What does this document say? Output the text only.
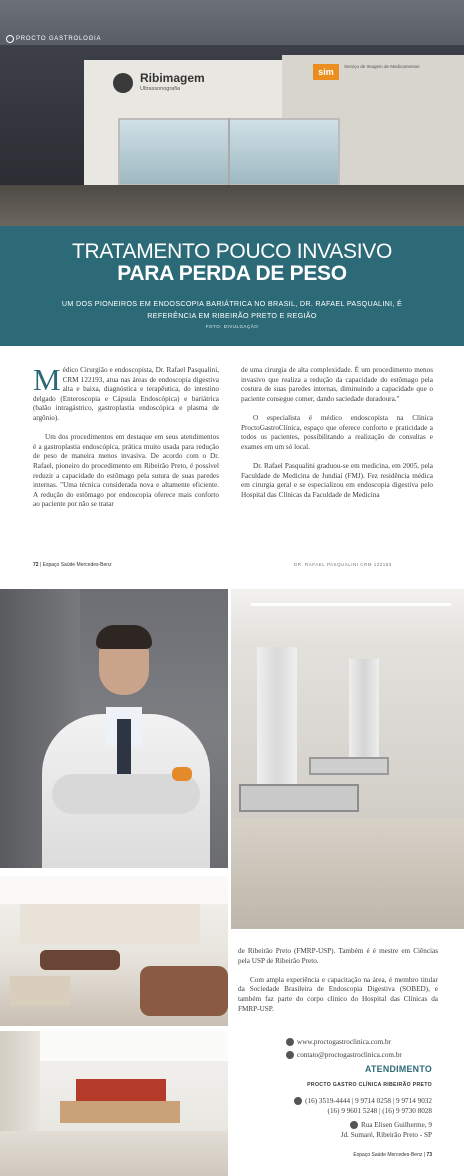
Ribimagem
Ultrassonografia
sim
Serviço de Imagem de Medicamentos
PROCTO GASTROLOGIA
TRATAMENTO POUCO INVASIVO
PARA PERDA DE PESO
UM DOS PIONEIROS EM ENDOSCOPIA BARIÁTRICA NO BRASIL, DR. RAFAEL PASQUALINI, É REFERÊNCIA EM RIBEIRÃO PRETO E REGIÃO
FOTO: DIVULGAÇÃO

Médico Cirurgião e endoscopista, Dr. Rafael Pasqualini, CRM 122193, atua nas áreas de endoscopia digestiva alta e baixa, diagnóstica e terapêutica, do intestino delgado (Enteroscopia e Cápsula Endoscópica) e bariátrica (balão intragástrico, gastroplastia endoscópica e plasma de argônio).

Um dos procedimentos em destaque em seus atendimentos é a gastroplastia endoscópica, prática muito usada para redução de peso de maneira menos invasiva. De acordo com o Dr. Rafael, pioneiro do procedimento em Ribeirão Preto, é possível reduzir a capacidade do estômago pela sutura de suas paredes internas. "Uma técnica considerada nova e altamente eficiente. A redução do estômago por endoscopia oferece mais conforto ao paciente por não se tratar

de uma cirurgia de alta complexidade. É um procedimento menos invasivo que realiza a redução da capacidade do estômago pela costura de suas paredes internas, diminuindo a capacidade que o paciente consegue comer, dando saciedade duradoura."

O especialista é médico endoscopista na Clínica ProctoGastroClínica, espaço que oferece conforto e praticidade a todos os pacientes, possibilitando a realização de consultas e exames em um só local.

Dr. Rafael Pasqualini graduou-se em medicina, em 2005, pela Faculdade de Medicina de Jundiaí (FMJ). Fez residência médica em cirurgia geral e se especializou em endoscopia digestiva pelo Hospital das Clínicas da Faculdade de Medicina

72 | Espaço Saúde Mercedes-Benz	DR. RAFAEL PASQUALINI CRM 122193

de Ribeirão Preto (FMRP-USP). Também é é mestre em Ciências pela USP de Ribeirão Preto.

Com ampla experiência e capacitação na área, é membro titular da Sociedade Brasileira de Endoscopia Digestiva (SOBED), e também faz parte do corpo clínico do Hospital das Clínicas da FMRP-USP.

www.proctogastroclinica.com.br
contato@proctogastroclinica.com.br
ATENDIMENTO
PROCTO GASTRO CLÍNICA RIBEIRÃO PRETO
(16) 3519-4444 | 9 9714 0258 | 9 9714 9032
(16) 9 9601 5248 | (16) 9 9730 8028
Rua Elisen Guilherme, 9
Jd. Sumaré, Ribeirão Preto - SP
Espaço Saúde Mercedes-Benz | 73
